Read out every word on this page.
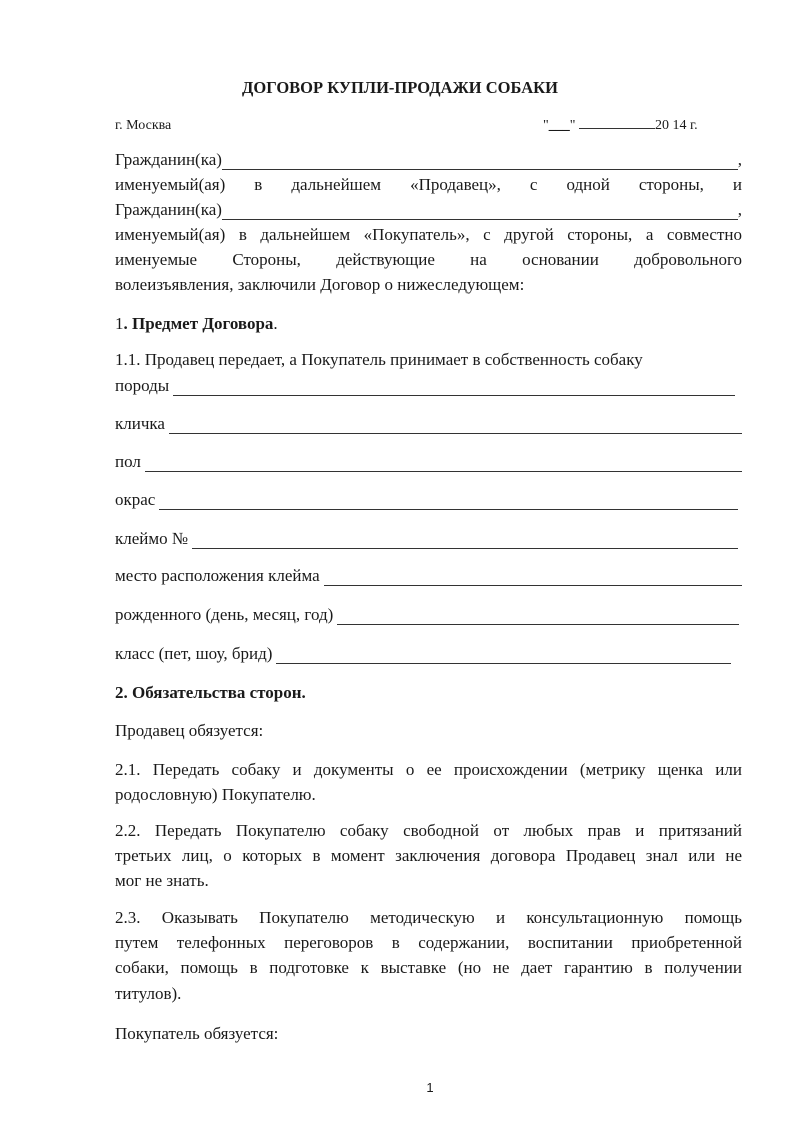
ДОГОВОР КУПЛИ-ПРОДАЖИ СОБАКИ
г. Москва	"___"	20 14 г.
Гражданин(ка)	,
именуемый(ая) в дальнейшем «Продавец», с одной стороны, и
Гражданин(ка)	,
именуемый(ая) в дальнейшем «Покупатель», с другой стороны, а совместно
именуемые Стороны, действующие на основании добровольного
волеизъявления, заключили Договор о нижеследующем:
1. Предмет Договора.
1.1. Продавец передает, а Покупатель принимает в собственность собаку
породы
кличка
пол
окрас
клеймо №
место расположения клейма
рожденного (день, месяц, год)
класс (пет, шоу, брид)
2. Обязательства сторон.
Продавец обязуется:
2.1. Передать собаку и документы о ее происхождении (метрику щенка или
родословную) Покупателю.
2.2. Передать Покупателю собаку свободной от любых прав и притязаний
третьих лиц, о которых в момент заключения договора Продавец знал или не
мог не знать.
2.3. Оказывать Покупателю методическую и консультационную помощь
путем телефонных переговоров в содержании, воспитании приобретенной
собаки, помощь в подготовке к выставке (но не дает гарантию в получении
титулов).
Покупатель обязуется:
1
